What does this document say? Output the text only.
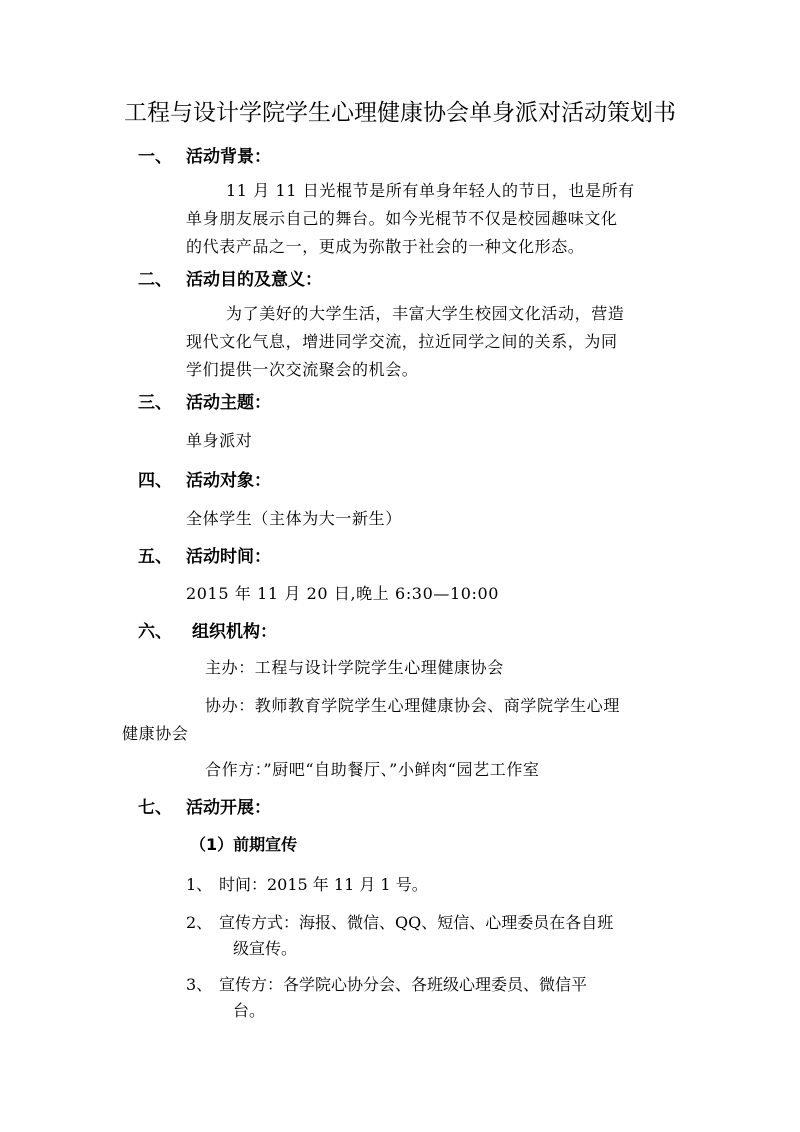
工程与设计学院学生心理健康协会单身派对活动策划书
一、 活动背景：
11 月 11 日光棍节是所有单身年轻人的节日，也是所有
单身朋友展示自己的舞台。如今光棍节不仅是校园趣味文化
的代表产品之一，更成为弥散于社会的一种文化形态。
二、 活动目的及意义：
为了美好的大学生活，丰富大学生校园文化活动，营造
现代文化气息，增进同学交流，拉近同学之间的关系，为同
学们提供一次交流聚会的机会。
三、 活动主题：
单身派对
四、 活动对象：
全体学生（主体为大一新生）
五、 活动时间：
2015 年 11 月 20 日,晚上 6:30—10:00
六、 组织机构：
主办：工程与设计学院学生心理健康协会
协办：教师教育学院学生心理健康协会、商学院学生心理
健康协会
合作方：”厨吧“自助餐厅、”小鲜肉“园艺工作室
七、 活动开展：
（1）前期宣传
1、 时间：2015 年 11 月 1 号。
2、 宣传方式：海报、微信、QQ、短信、心理委员在各自班
级宣传。
3、 宣传方：各学院心协分会、各班级心理委员、微信平
台。
